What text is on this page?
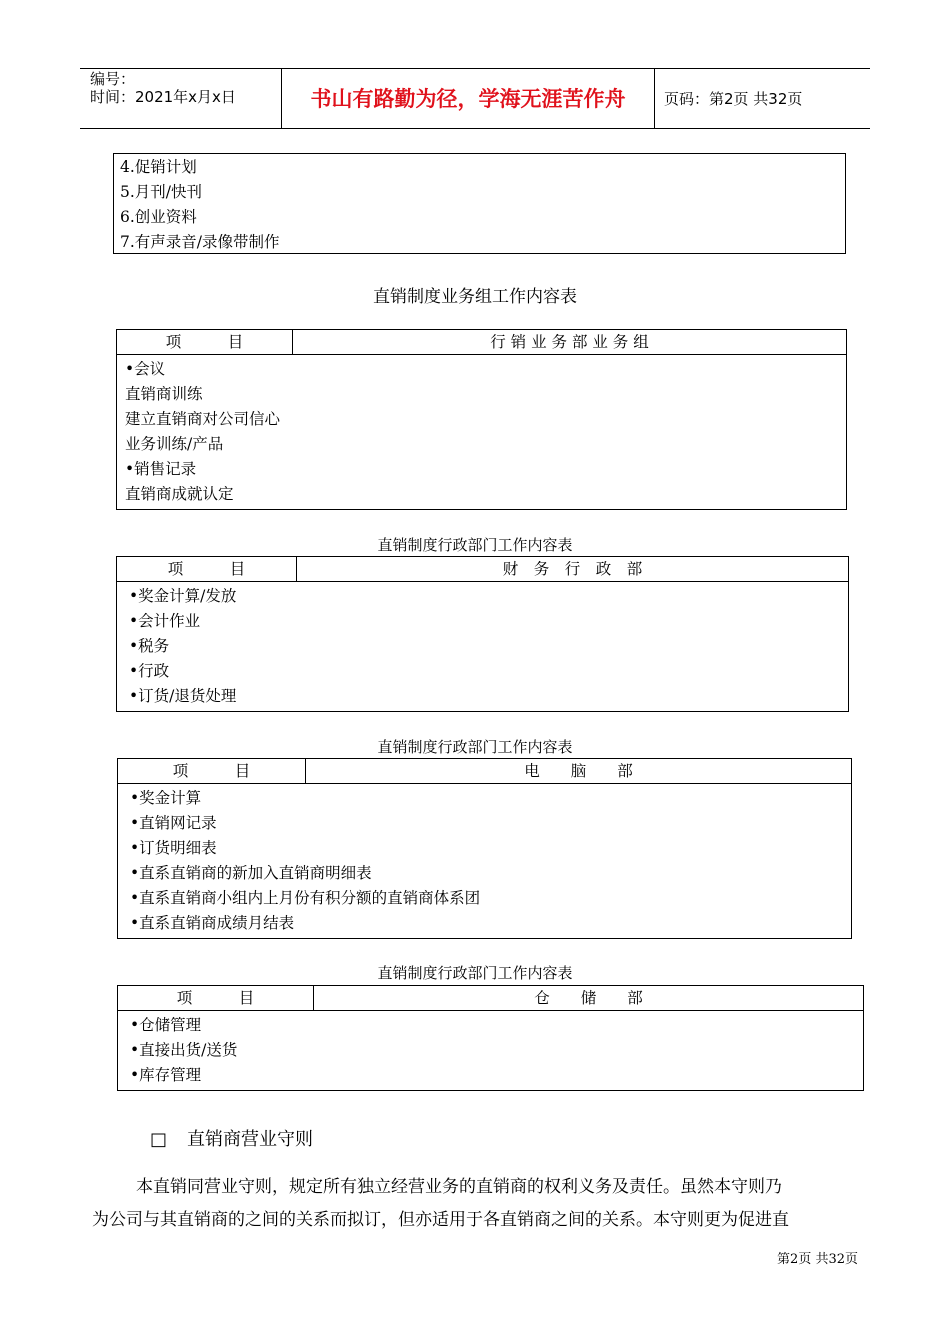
编号：
时间：2021年x月x日	书山有路勤为径，学海无涯苦作舟	页码：第2页 共32页
4.促销计划
5.月刊/快刊
6.创业资料
7.有声录音/录像带制作
直销制度业务组工作内容表
项　　　目	行 销 业 务 部 业 务 组

•会议
直销商训练
建立直销商对公司信心
业务训练/产品
•销售记录
直销商成就认定
直销制度行政部门工作内容表
项　　　目	财　务　行　政　部

•奖金计算/发放
•会计作业
•税务
•行政
•订货/退货处理
直销制度行政部门工作内容表
项　　　目	电　　脑　　部

•奖金计算
•直销网记录
•订货明细表
•直系直销商的新加入直销商明细表
•直系直销商小组内上月份有积分额的直销商体系团
•直系直销商成绩月结表
直销制度行政部门工作内容表
项　　　目	仓　　储　　部

•仓储管理
•直接出货/送货
•库存管理
□ 直销商营业守则
本直销同营业守则，规定所有独立经营业务的直销商的权利义务及责任。虽然本守则乃
为公司与其直销商的之间的关系而拟订，但亦适用于各直销商之间的关系。本守则更为促进直
第2页 共32页
